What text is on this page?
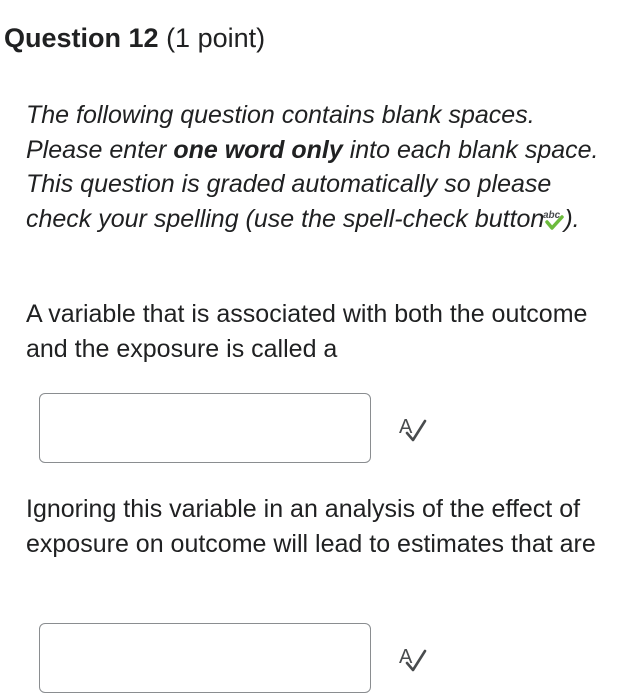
Question 12 (1 point)
The following question contains blank spaces. Please enter one word only into each blank space. This question is graded automatically so please check your spelling (use the spell-check button abc ).
A variable that is associated with both the outcome and the exposure is called a
A
Ignoring this variable in an analysis of the effect of exposure on outcome will lead to estimates that are
A
